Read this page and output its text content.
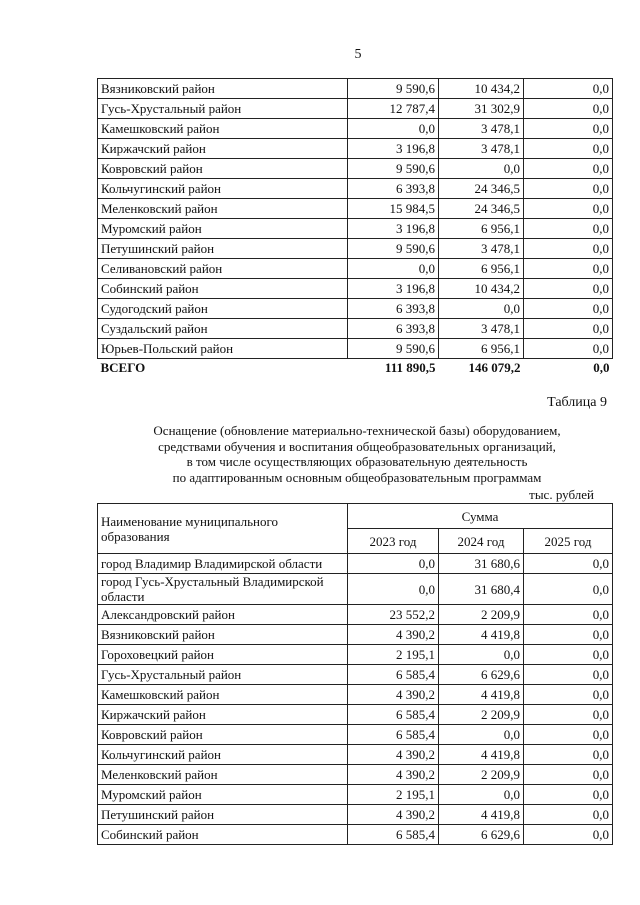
5
Вязниковский район	9 590,6	10 434,2	0,0
Гусь-Хрустальный район	12 787,4	31 302,9	0,0
Камешковский район	0,0	3 478,1	0,0
Киржачский район	3 196,8	3 478,1	0,0
Ковровский район	9 590,6	0,0	0,0
Кольчугинский район	6 393,8	24 346,5	0,0
Меленковский район	15 984,5	24 346,5	0,0
Муромский район	3 196,8	6 956,1	0,0
Петушинский район	9 590,6	3 478,1	0,0
Селивановский район	0,0	6 956,1	0,0
Собинский район	3 196,8	10 434,2	0,0
Судогодский район	6 393,8	0,0	0,0
Суздальский район	6 393,8	3 478,1	0,0
Юрьев-Польский район	9 590,6	6 956,1	0,0
ВСЕГО	111 890,5	146 079,2	0,0
Таблица 9
Оснащение (обновление материально-технической базы) оборудованием,
средствами обучения и воспитания общеобразовательных организаций,
в том числе осуществляющих образовательную деятельность
по адаптированным основным общеобразовательным программам
тыс. рублей
Наименование муниципального образования	Сумма		
	2023 год	2024 год	2025 год
город Владимир Владимирской области	0,0	31 680,6	0,0
город Гусь-Хрустальный Владимирской области	0,0	31 680,4	0,0
Александровский район	23 552,2	2 209,9	0,0
Вязниковский район	4 390,2	4 419,8	0,0
Гороховецкий район	2 195,1	0,0	0,0
Гусь-Хрустальный район	6 585,4	6 629,6	0,0
Камешковский район	4 390,2	4 419,8	0,0
Киржачский район	6 585,4	2 209,9	0,0
Ковровский район	6 585,4	0,0	0,0
Кольчугинский район	4 390,2	4 419,8	0,0
Меленковский район	4 390,2	2 209,9	0,0
Муромский район	2 195,1	0,0	0,0
Петушинский район	4 390,2	4 419,8	0,0
Собинский район	6 585,4	6 629,6	0,0
